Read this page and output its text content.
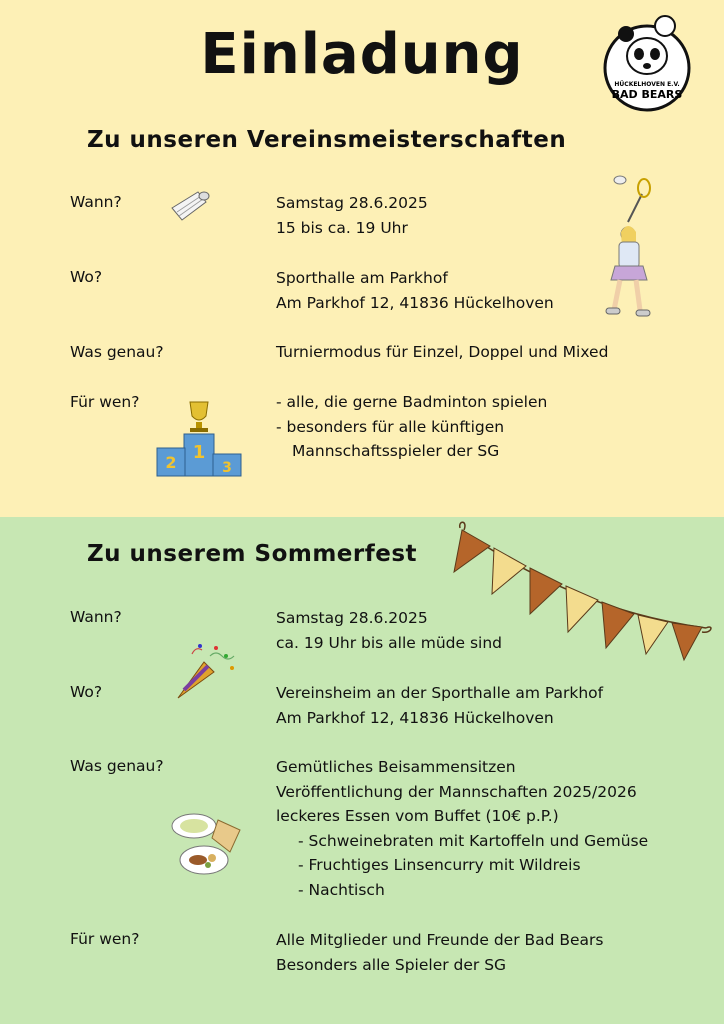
Einladung	HÜCKELHOVEN E.V.
BAD BEARS
Zu unseren Vereinsmeisterschaften
Wann?	Samstag 28.6.2025
15 bis ca. 19 Uhr
Wo?	Sporthalle am Parkhof
Am Parkhof 12, 41836 Hückelhoven
Was genau?	Turniermodus für Einzel, Doppel und Mixed
Für wen?	- alle, die gerne Badminton spielen
- besonders für alle künftigen
Mannschaftsspieler der SG
1
2	3
Zu unserem Sommerfest
Wann?	Samstag 28.6.2025
ca. 19 Uhr bis alle müde sind
Wo?	Vereinsheim an der Sporthalle am Parkhof
Am Parkhof 12, 41836 Hückelhoven
Was genau?	Gemütliches Beisammensitzen
Veröffentlichung der Mannschaften 2025/2026
leckeres Essen vom Buffet (10€ p.P.)
- Schweinebraten mit Kartoffeln und Gemüse
- Fruchtiges Linsencurry mit Wildreis
- Nachtisch
Für wen?	Alle Mitglieder und Freunde der Bad Bears
Besonders alle Spieler der SG
